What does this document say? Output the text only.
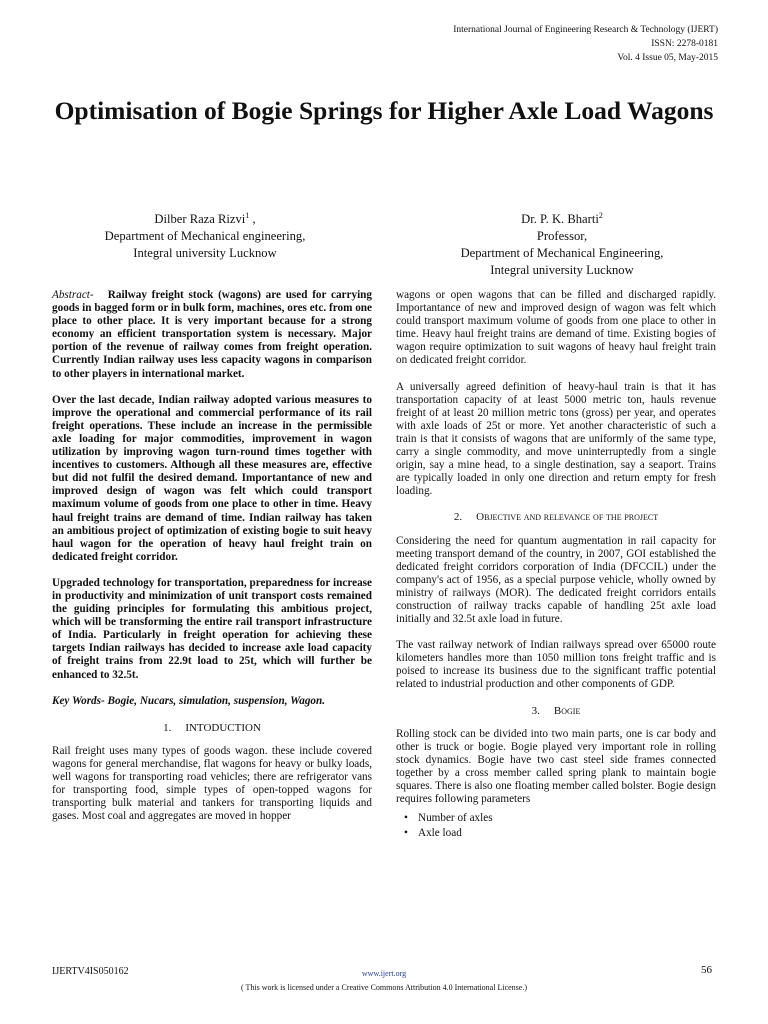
International Journal of Engineering Research & Technology (IJERT)
ISSN: 2278-0181
Vol. 4 Issue 05, May-2015
Optimisation of Bogie Springs for Higher Axle Load Wagons
Dilber Raza Rizvi$^1$ ,
Department of Mechanical engineering,
Integral university Lucknow
Dr. P. K. Bharti$^2$
Professor,
Department of Mechanical Engineering,
Integral university Lucknow

Abstract- Railway freight stock (wagons) are used for carrying goods in bagged form or in bulk form, machines, ores etc. from one place to other place. It is very important because for a strong economy an efficient transportation system is necessary. Major portion of the revenue of railway comes from freight operation. Currently Indian railway uses less capacity wagons in comparison to other players in international market.

Over the last decade, Indian railway adopted various measures to improve the operational and commercial performance of its rail freight operations. These include an increase in the permissible axle loading for major commodities, improvement in wagon utilization by improving wagon turn-round times together with incentives to customers. Although all these measures are, effective but did not fulfil the desired demand. Importantance of new and improved design of wagon was felt which could transport maximum volume of goods from one place to other in time. Heavy haul freight trains are demand of time. Indian railway has taken an ambitious project of optimization of existing bogie to suit heavy haul wagon for the operation of heavy haul freight train on dedicated freight corridor.

Upgraded technology for transportation, preparedness for increase in productivity and minimization of unit transport costs remained the guiding principles for formulating this ambitious project, which will be transforming the entire rail transport infrastructure of India. Particularly in freight operation for achieving these targets Indian railways has decided to increase axle load capacity of freight trains from 22.9t load to 25t, which will further be enhanced to 32.5t.

Key Words- Bogie, Nucars, simulation, suspension, Wagon.

1. INTODUCTION

Rail freight uses many types of goods wagon. these include covered wagons for general merchandise, flat wagons for heavy or bulky loads, well wagons for transporting road vehicles; there are refrigerator vans for transporting food, simple types of open-topped wagons for transporting bulk material and tankers for transporting liquids and gases. Most coal and aggregates are moved in hopper

wagons or open wagons that can be filled and discharged rapidly. Importantance of new and improved design of wagon was felt which could transport maximum volume of goods from one place to other in time. Heavy haul freight trains are demand of time. Existing bogies of wagon require optimization to suit wagons of heavy haul freight train on dedicated freight corridor.

A universally agreed definition of heavy-haul train is that it has transportation capacity of at least 5000 metric ton, hauls revenue freight of at least 20 million metric tons (gross) per year, and operates with axle loads of 25t or more. Yet another characteristic of such a train is that it consists of wagons that are uniformly of the same type, carry a single commodity, and move uninterruptedly from a single origin, say a mine head, to a single destination, say a seaport. Trains are typically loaded in only one direction and return empty for fresh loading.

2. Objective and relevance of the project

Considering the need for quantum augmentation in rail capacity for meeting transport demand of the country, in 2007, GOI established the dedicated freight corridors corporation of India (DFCCIL) under the company's act of 1956, as a special purpose vehicle, wholly owned by ministry of railways (MOR). The dedicated freight corridors entails construction of railway tracks capable of handling 25t axle load initially and 32.5t axle load in future.

The vast railway network of Indian railways spread over 65000 route kilometers handles more than 1050 million tons freight traffic and is poised to increase its business due to the significant traffic potential related to industrial production and other components of GDP.

3. Bogie

Rolling stock can be divided into two main parts, one is car body and other is truck or bogie. Bogie played very important role in rolling stock dynamics. Bogie have two cast steel side frames connected together by a cross member called spring plank to maintain bogie squares. There is also one floating member called bolster. Bogie design requires following parameters

• Number of axles
• Axle load
IJERTV4IS050162	www.ijert.org	56
( This work is licensed under a Creative Commons Attribution 4.0 International License.)
